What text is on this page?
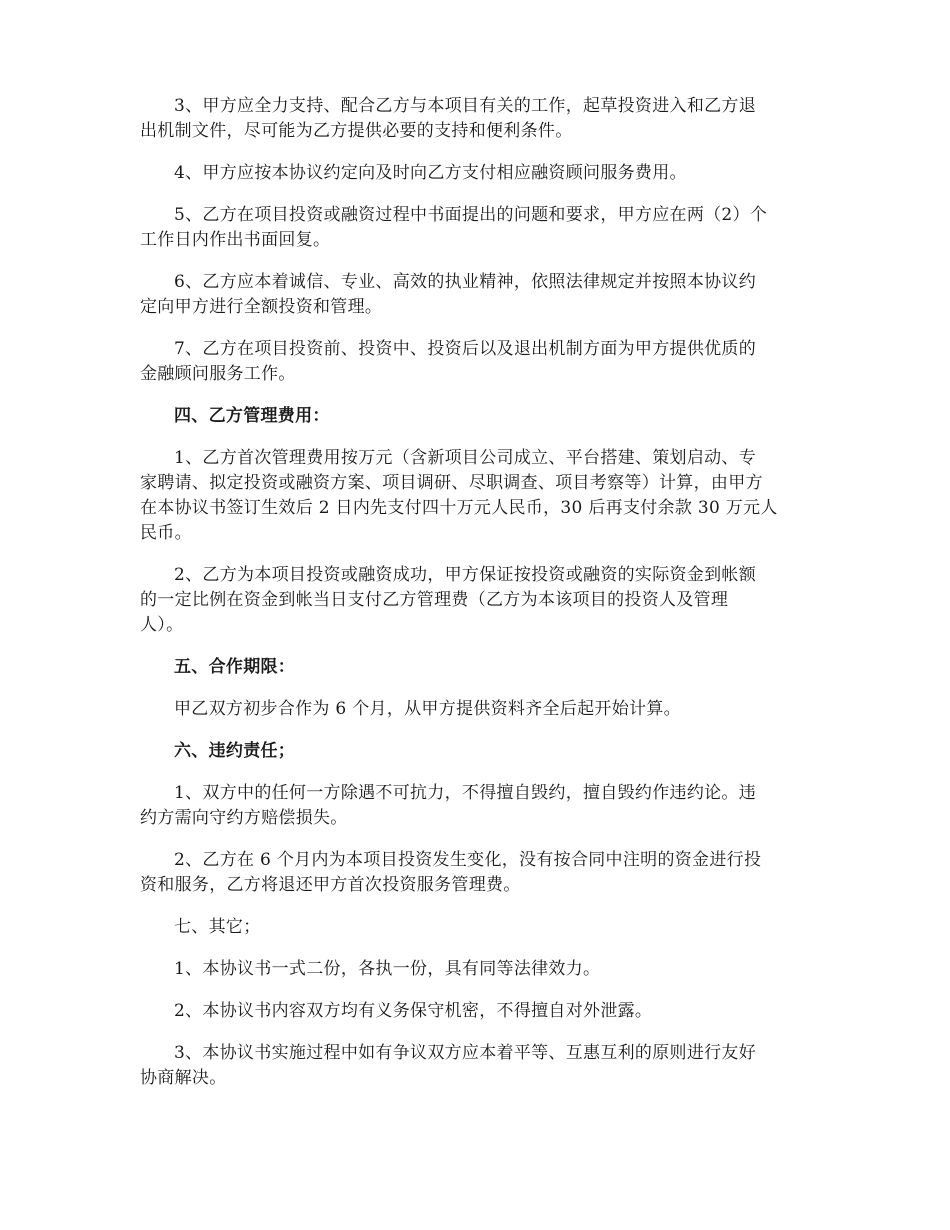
3、甲方应全力支持、配合乙方与本项目有关的工作，起草投资进入和乙方退
出机制文件，尽可能为乙方提供必要的支持和便利条件。

4、甲方应按本协议约定向及时向乙方支付相应融资顾问服务费用。

5、乙方在项目投资或融资过程中书面提出的问题和要求，甲方应在两（2）个
工作日内作出书面回复。

6、乙方应本着诚信、专业、高效的执业精神，依照法律规定并按照本协议约
定向甲方进行全额投资和管理。

7、乙方在项目投资前、投资中、投资后以及退出机制方面为甲方提供优质的
金融顾问服务工作。

四、乙方管理费用：

1、乙方首次管理费用按万元（含新项目公司成立、平台搭建、策划启动、专
家聘请、拟定投资或融资方案、项目调研、尽职调查、项目考察等）计算，由甲方
在本协议书签订生效后 2 日内先支付四十万元人民币，30 后再支付余款 30 万元人
民币。

2、乙方为本项目投资或融资成功，甲方保证按投资或融资的实际资金到帐额
的一定比例在资金到帐当日支付乙方管理费（乙方为本该项目的投资人及管理
人）。

五、合作期限：

甲乙双方初步合作为 6 个月，从甲方提供资料齐全后起开始计算。

六、违约责任；

1、双方中的任何一方除遇不可抗力，不得擅自毁约，擅自毁约作违约论。违
约方需向守约方赔偿损失。

2、乙方在 6 个月内为本项目投资发生变化，没有按合同中注明的资金进行投
资和服务，乙方将退还甲方首次投资服务管理费。

七、其它；

1、本协议书一式二份，各执一份，具有同等法律效力。

2、本协议书内容双方均有义务保守机密，不得擅自对外泄露。

3、本协议书实施过程中如有争议双方应本着平等、互惠互利的原则进行友好
协商解决。
